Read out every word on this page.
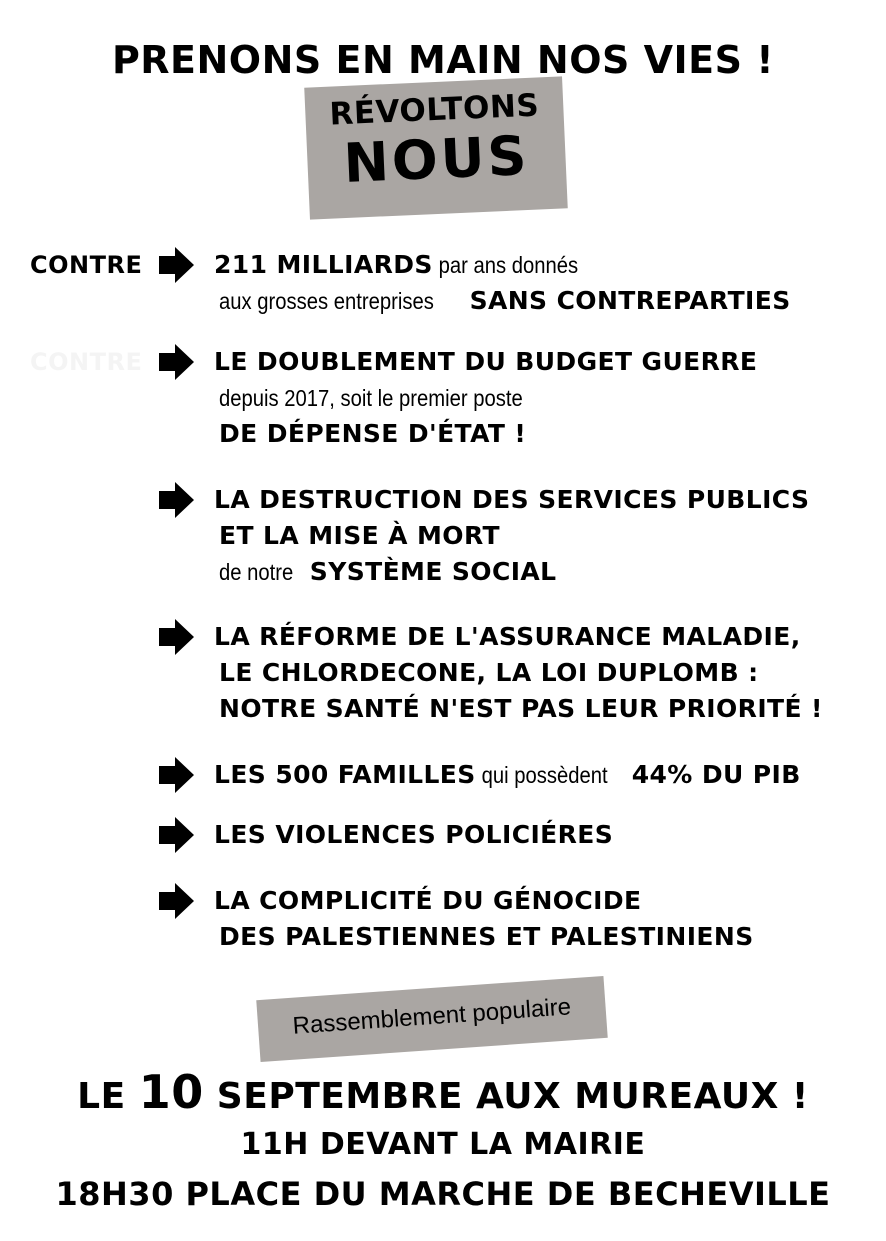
PRENONS EN MAIN NOS VIES !
RÉVOLTONS
NOUS
CONTRE
CONTRE
211 MILLIARDS par ans donnés
aux grosses entreprises SANS CONTREPARTIES
LE DOUBLEMENT DU BUDGET GUERRE
depuis 2017, soit le premier poste
DE DÉPENSE D'ÉTAT !
LA DESTRUCTION DES SERVICES PUBLICS
ET LA MISE À MORT
de notre SYSTÈME SOCIAL
LA RÉFORME DE L'ASSURANCE MALADIE,
LE CHLORDECONE, LA LOI DUPLOMB :
NOTRE SANTÉ N'EST PAS LEUR PRIORITÉ !
LES 500 FAMILLES qui possèdent 44% DU PIB
LES VIOLENCES POLICIÉRES
LA COMPLICITÉ DU GÉNOCIDE
DES PALESTIENNES ET PALESTINIENS
Rassemblement populaire
LE 10 SEPTEMBRE AUX MUREAUX !
11H DEVANT LA MAIRIE
18H30 PLACE DU MARCHE DE BECHEVILLE
